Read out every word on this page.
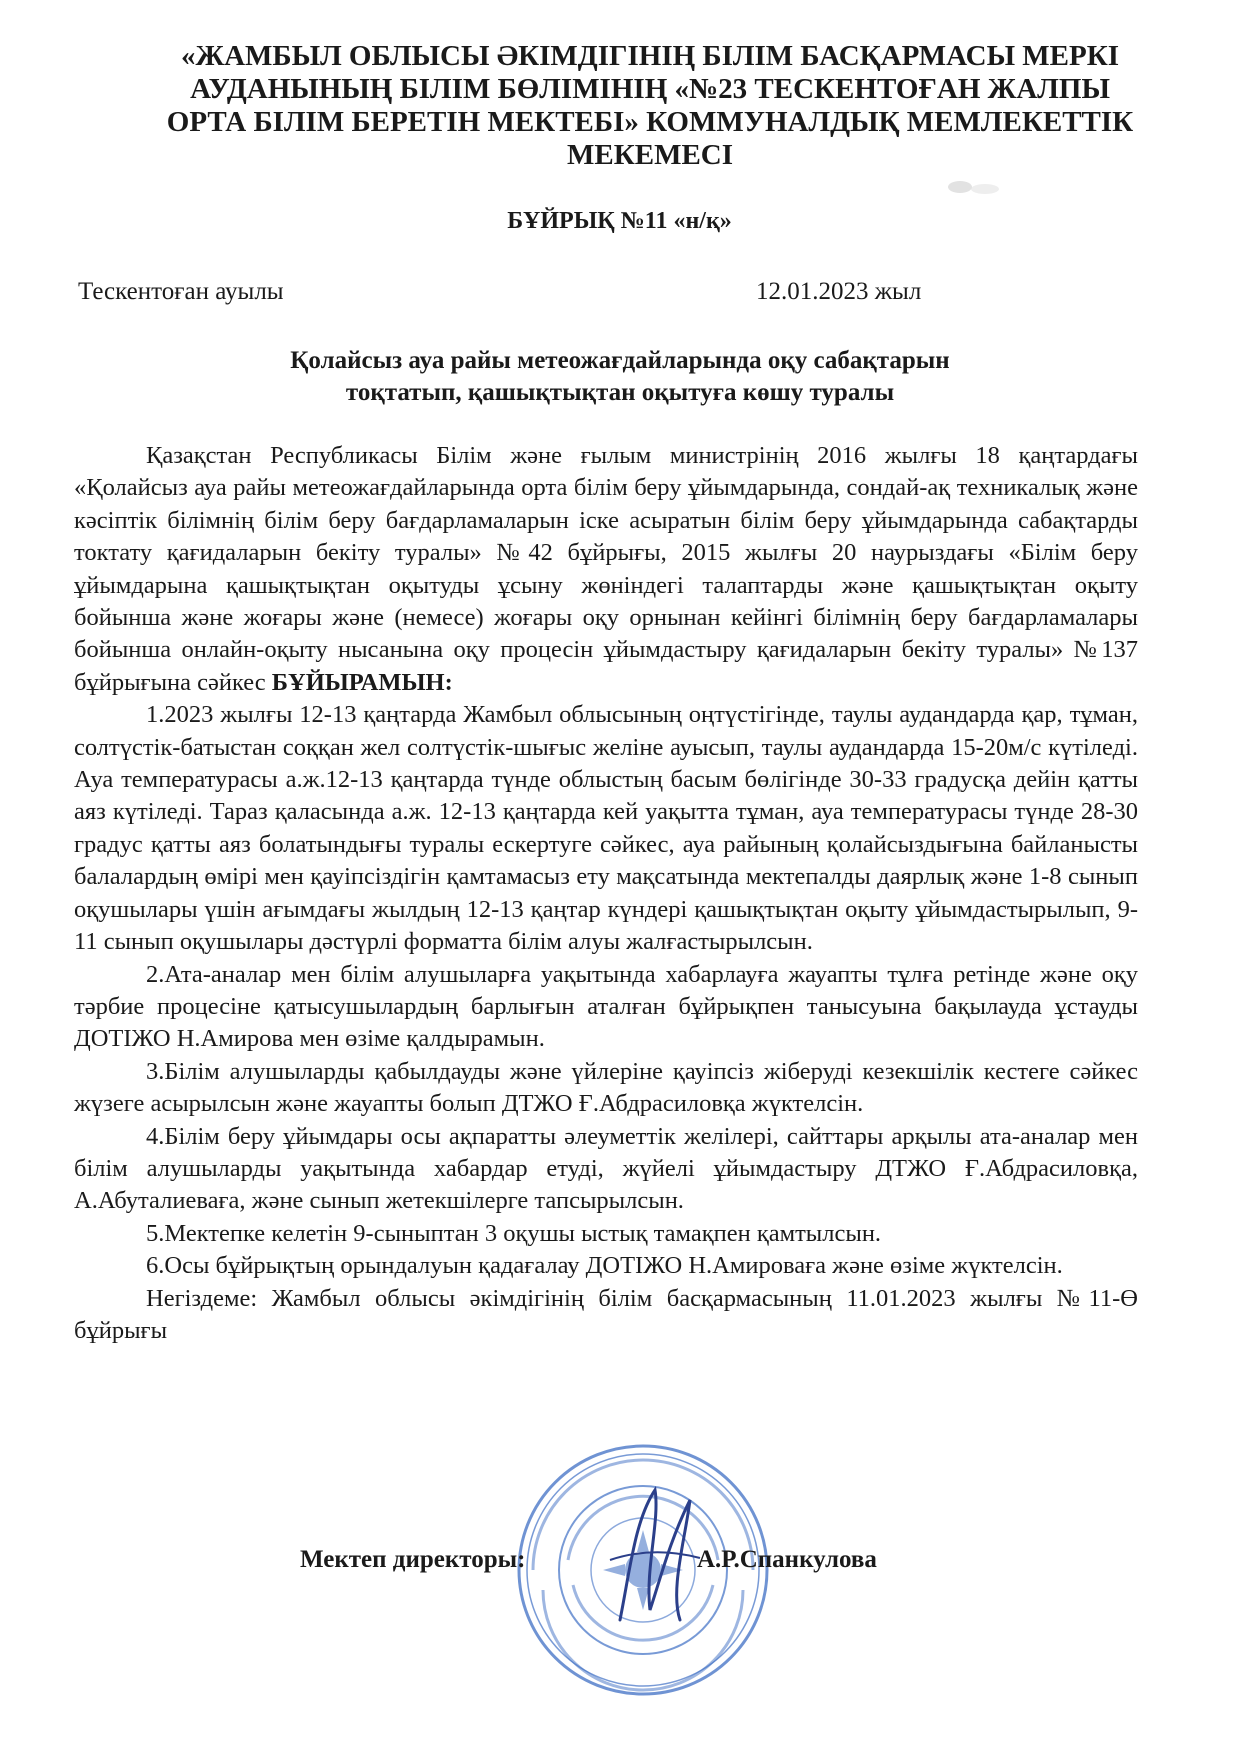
«ЖАМБЫЛ ОБЛЫСЫ ӘКІМДІГІНІҢ БІЛІМ БАСҚАРМАСЫ МЕРКІ АУДАНЫНЫҢ БІЛІМ БӨЛІМІНІҢ «№23 ТЕСКЕНТОҒАН ЖАЛПЫ ОРТА БІЛІМ БЕРЕТІН МЕКТЕБІ» КОММУНАЛДЫҚ МЕМЛЕКЕТТІК МЕКЕМЕСІ
БҰЙРЫҚ №11 «н/қ»
Тескентоған ауылы	12.01.2023 жыл
Қолайсыз ауа райы метеожағдайларында оқу сабақтарын
тоқтатып, қашықтықтан оқытуға көшу туралы

Қазақстан Республикасы Білім және ғылым министрінің 2016 жылғы 18 қаңтардағы «Қолайсыз ауа райы метеожағдайларында орта білім беру ұйымдарында, сондай-ақ техникалық және кәсіптік білімнің білім беру бағдарламаларын іске асыратын білім беру ұйымдарында сабақтарды токтату қағидаларын бекіту туралы» №42 бұйрығы, 2015 жылғы 20 наурыздағы «Білім беру ұйымдарына қашықтықтан оқытуды ұсыну жөніндегі талаптарды және қашықтықтан оқыту бойынша және жоғары және (немесе) жоғары оқу орнынан кейінгі білімнің беру бағдарламалары бойынша онлайн-оқыту нысанына оқу процесін ұйымдастыру қағидаларын бекіту туралы» №137 бұйрығына сәйкес БҰЙЫРАМЫН:

1.2023 жылғы 12-13 қаңтарда Жамбыл облысының оңтүстігінде, таулы аудандарда қар, тұман, солтүстік-батыстан соққан жел солтүстік-шығыс желіне ауысып, таулы аудандарда 15-20м/с күтіледі. Ауа температурасы а.ж.12-13 қаңтарда түнде облыстың басым бөлігінде 30-33 градусқа дейін қатты аяз күтіледі. Тараз қаласында а.ж. 12-13 қаңтарда кей уақытта тұман, ауа температурасы түнде 28-30 градус қатты аяз болатындығы туралы ескертуге сәйкес, ауа райының қолайсыздығына байланысты балалардың өмірі мен қауіпсіздігін қамтамасыз ету мақсатында мектепалды даярлық және 1-8 сынып оқушылары үшін ағымдағы жылдың 12-13 қаңтар күндері қашықтықтан оқыту ұйымдастырылып, 9-11 сынып оқушылары дәстүрлі форматта білім алуы жалғастырылсын.

2.Ата-аналар мен білім алушыларға уақытында хабарлауға жауапты тұлға ретінде және оқу тәрбие процесіне қатысушылардың барлығын аталған бұйрықпен танысуына бақылауда ұстауды ДОТІЖО Н.Амирова мен өзіме қалдырамын.

3.Білім алушыларды қабылдауды және үйлеріне қауіпсіз жіберуді кезекшілік кестеге сәйкес жүзеге асырылсын және жауапты болып ДТЖО Ғ.Абдрасиловқа жүктелсін.

4.Білім беру ұйымдары осы ақпаратты әлеуметтік желілері, сайттары арқылы ата-аналар мен білім алушыларды уақытында хабардар етуді, жүйелі ұйымдастыру ДТЖО Ғ.Абдрасиловқа, А.Абуталиеваға, және сынып жетекшілерге тапсырылсын.

5.Мектепке келетін 9-сыныптан 3 оқушы ыстық тамақпен қамтылсын.

6.Осы бұйрықтың орындалуын қадағалау ДОТІЖО Н.Амироваға және өзіме жүктелсін.

Негіздеме: Жамбыл облысы әкімдігінің білім басқармасының 11.01.2023 жылғы №11-Ө бұйрығы

Мектеп директоры:	А.Р.Спанкулова
